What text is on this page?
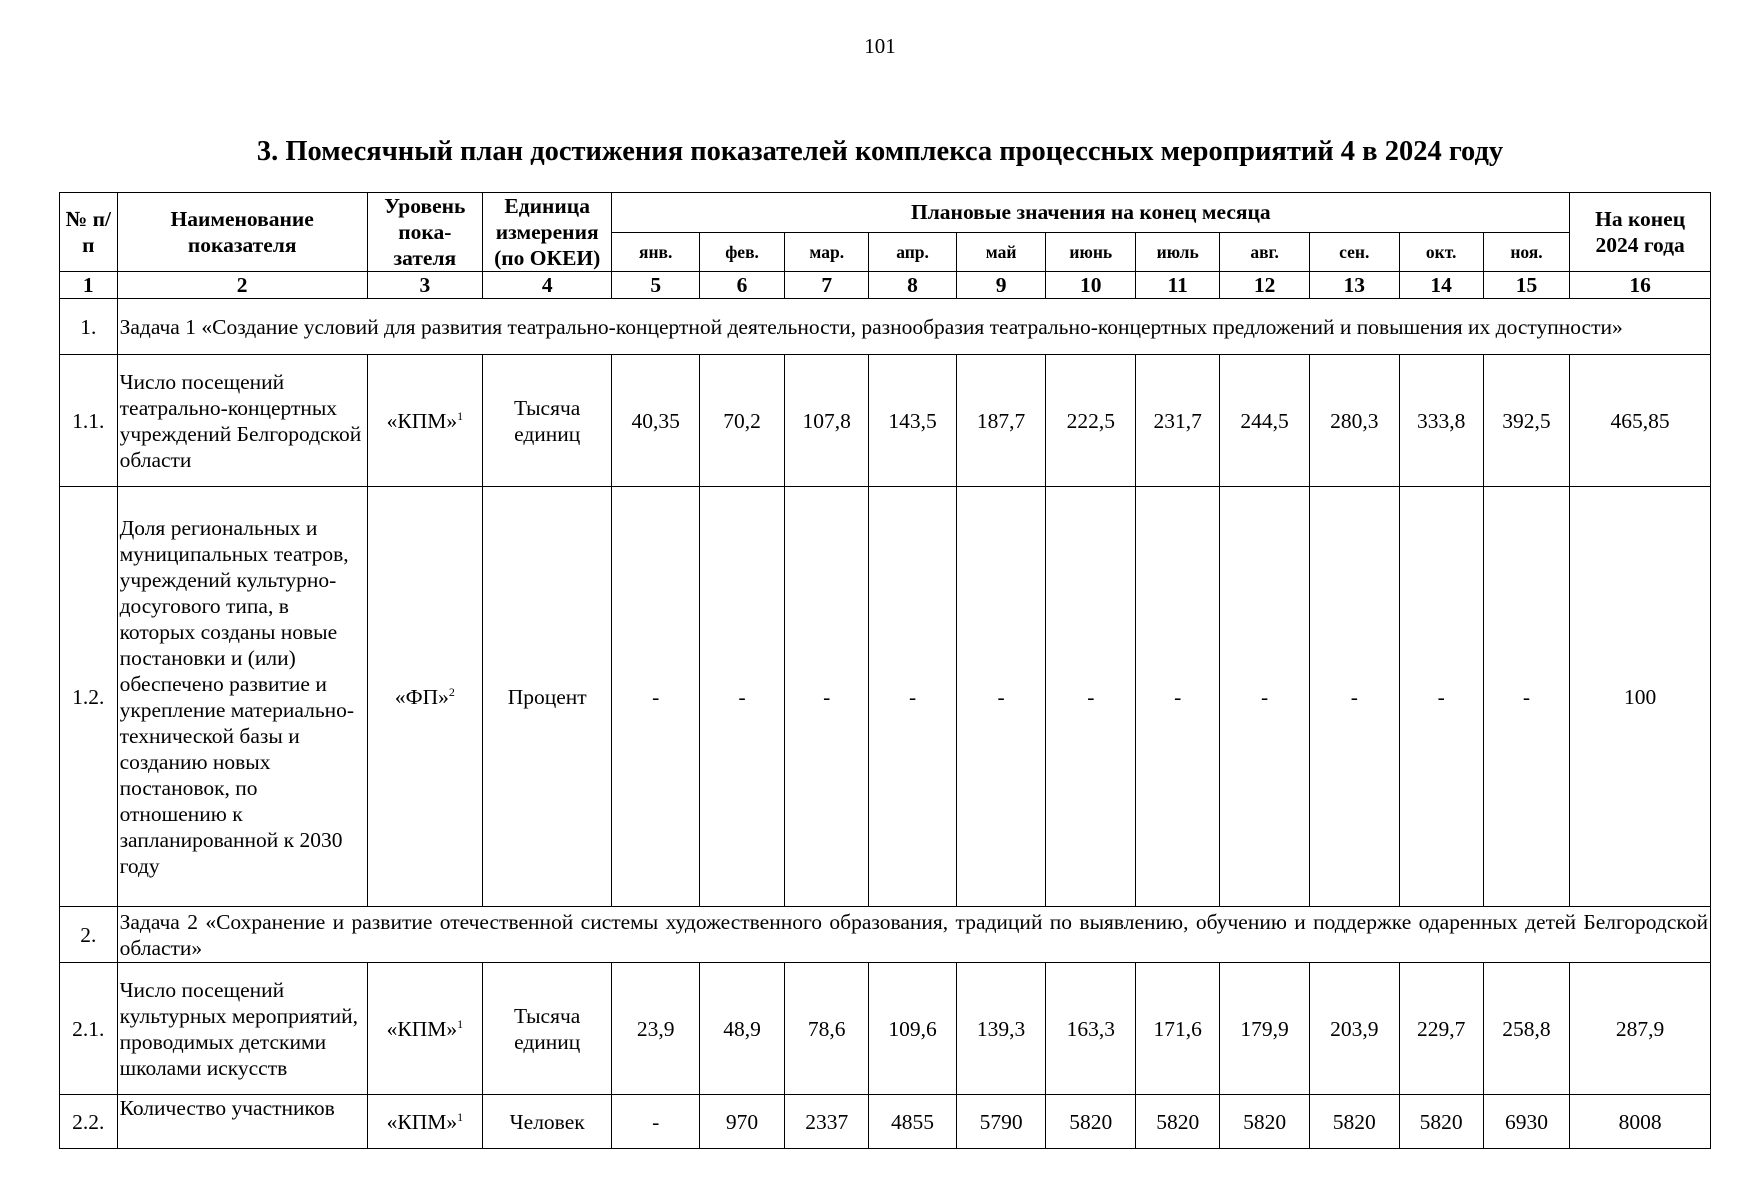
101
3. Помесячный план достижения показателей комплекса процессных мероприятий 4 в 2024 году
№ п/п	Наименование показателя	Уровень пока-зателя	Единица измерения (по ОКЕИ)	Плановые значения на конец месяца											На конец 2024 года
				янв.	фев.	мар.	апр.	май	июнь	июль	авг.	сен.	окт.	ноя.	
1	2	3	4	5	6	7	8	9	10	11	12	13	14	15	16
1.	Задача 1 «Создание условий для развития театрально-концертной деятельности, разнообразия театрально-концертных предложений и повышения их доступности»														
1.1.	Число посещений театрально-концертных учреждений Белгородской области	«КПМ»$^1$	Тысяча единиц	40,35	70,2	107,8	143,5	187,7	222,5	231,7	244,5	280,3	333,8	392,5	465,85
1.2.	Доля региональных и муниципальных театров, учреждений культурно-досугового типа, в которых созданы новые постановки и (или) обеспечено развитие и укрепление материально-технической базы и созданию новых постановок, по отношению к запланированной к 2030 году	«ФП»$^2$	Процент	-	-	-	-	-	-	-	-	-	-	-	100
2.	Задача 2 «Сохранение и развитие отечественной системы художественного образования, традиций по выявлению, обучению и поддержке одаренных детей Белгородской области»														
2.1.	Число посещений культурных мероприятий, проводимых детскими школами искусств	«КПМ»$^1$	Тысяча единиц	23,9	48,9	78,6	109,6	139,3	163,3	171,6	179,9	203,9	229,7	258,8	287,9
2.2.	Количество участников	«КПМ»$^1$	Человек	-	970	2337	4855	5790	5820	5820	5820	5820	5820	6930	8008
